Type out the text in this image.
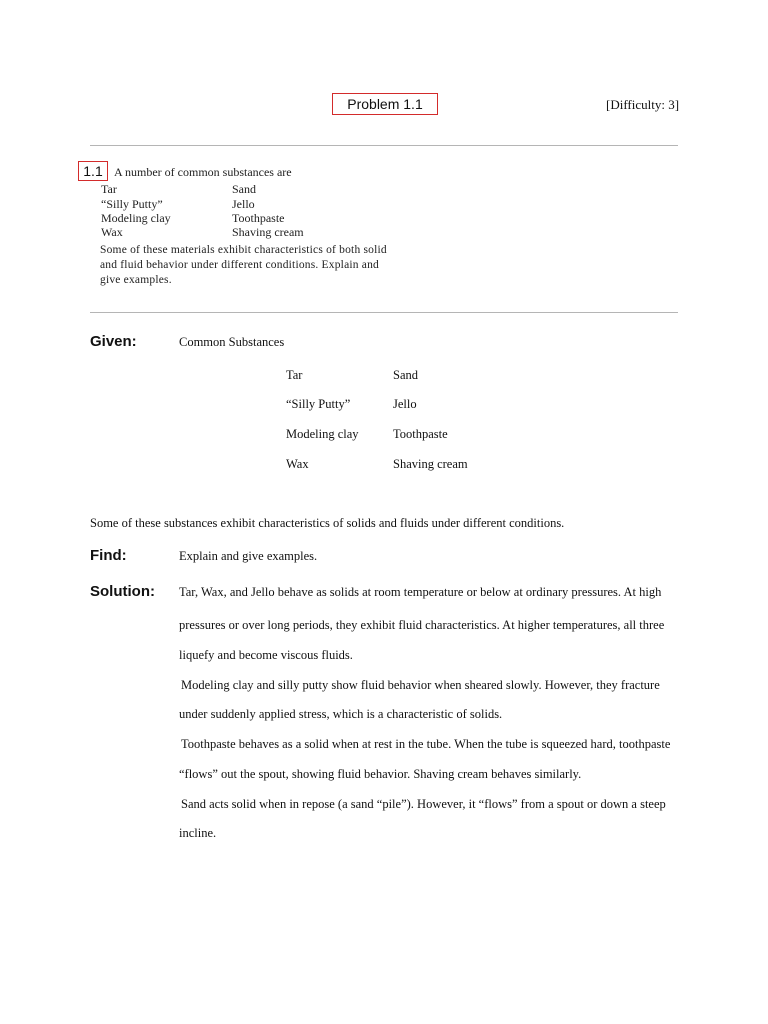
Problem 1.1	[Difficulty: 3]
1.1 A number of common substances are
Tar	Sand
“Silly Putty”	Jello
Modeling clay	Toothpaste
Wax	Shaving cream
Some of these materials exhibit characteristics of both solid
and fluid behavior under different conditions. Explain and
give examples.
Given:	Common Substances
Tar	Sand
“Silly Putty”	Jello
Modeling clay	Toothpaste
Wax	Shaving cream
Some of these substances exhibit characteristics of solids and fluids under different conditions.
Find:	Explain and give examples.
Solution: Tar, Wax, and Jello behave as solids at room temperature or below at ordinary pressures. At high
pressures or over long periods, they exhibit fluid characteristics. At higher temperatures, all three
liquefy and become viscous fluids.
Modeling clay and silly putty show fluid behavior when sheared slowly. However, they fracture
under suddenly applied stress, which is a characteristic of solids.
Toothpaste behaves as a solid when at rest in the tube. When the tube is squeezed hard, toothpaste
“flows” out the spout, showing fluid behavior. Shaving cream behaves similarly.
Sand acts solid when in repose (a sand “pile”). However, it “flows” from a spout or down a steep
incline.
